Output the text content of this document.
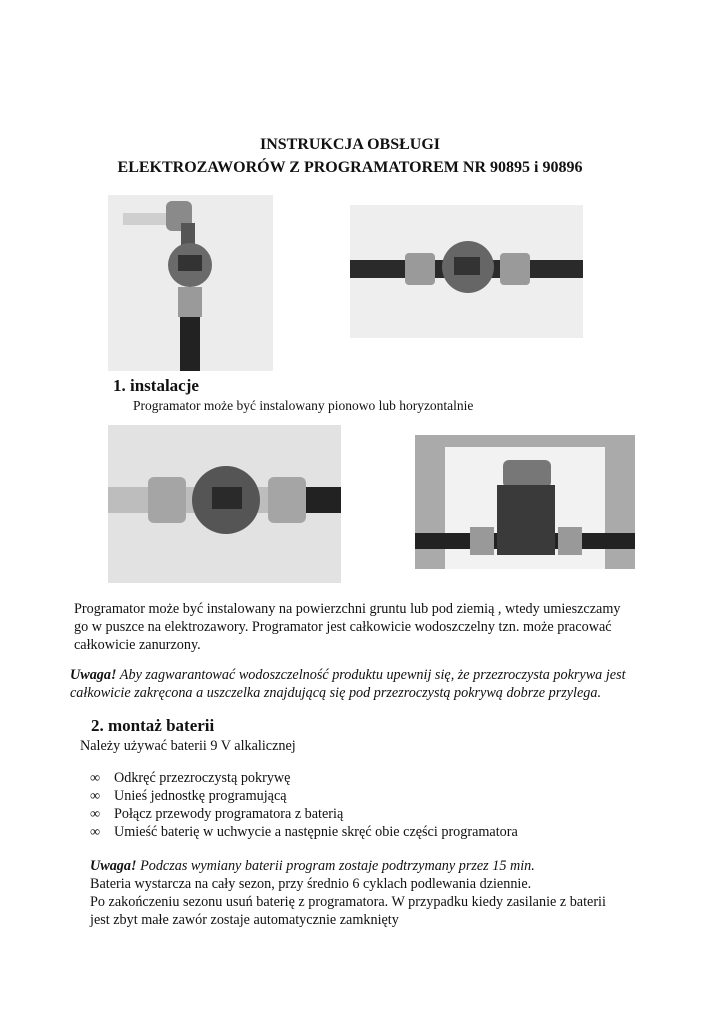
INSTRUKCJA OBSŁUGI
ELEKTROZAWORÓW Z PROGRAMATOREM NR 90895 i 90896
1. instalacje
Programator może być instalowany pionowo lub horyzontalnie
Programator może być instalowany na powierzchni gruntu lub pod ziemią , wtedy umieszczamy
go w puszce na elektrozawory. Programator jest całkowicie wodoszczelny tzn. może pracować
całkowicie zanurzony.
Uwaga! Aby zagwarantować wodoszczelność produktu upewnij się, że przezroczysta pokrywa jest
całkowicie zakręcona a uszczelka znajdującą się pod przezroczystą pokrywą dobrze przylega.
2. montaż baterii
Należy używać baterii 9 V alkalicznej
∞ Odkręć przezroczystą pokrywę
∞ Unieś jednostkę programującą
∞ Połącz przewody programatora z baterią
∞ Umieść baterię w uchwycie a następnie skręć obie części programatora
Uwaga! Podczas wymiany baterii program zostaje podtrzymany przez 15 min.
Bateria wystarcza na cały sezon, przy średnio 6 cyklach podlewania dziennie.
Po zakończeniu sezonu usuń baterię z programatora. W przypadku kiedy zasilanie z baterii
jest zbyt małe zawór zostaje automatycznie zamknięty
